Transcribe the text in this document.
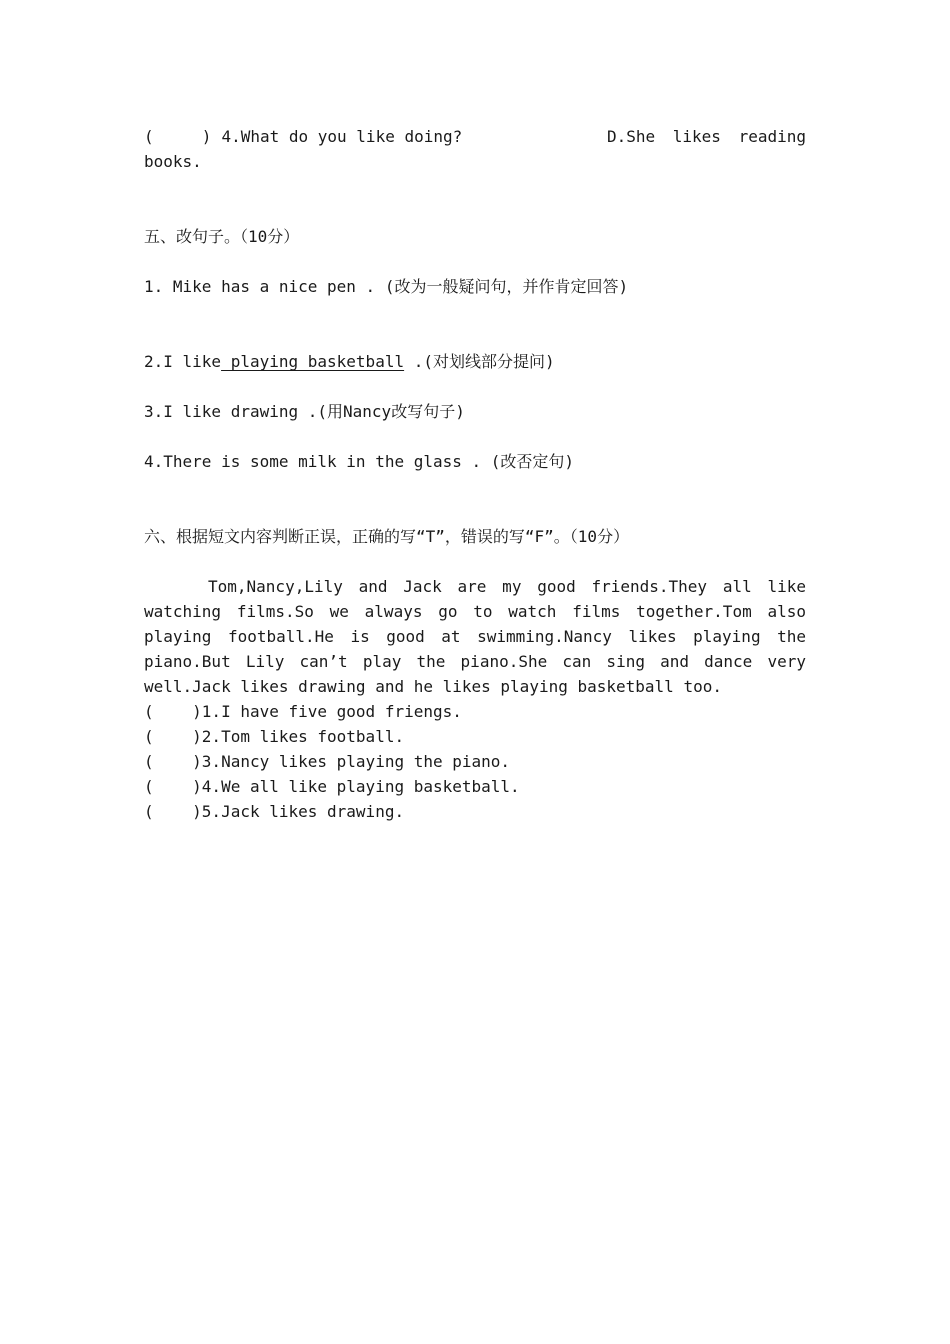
(     ) 4.What do you like doing?	D.She likes reading
books.

五、改句子。（10分）
1. Mike has a nice pen . (改为一般疑问句，并作肯定回答)

2.I like playing basketball .(对划线部分提问)

3.I like drawing .(用Nancy改写句子)

4.There is some milk in the glass . (改否定句)

六、根据短文内容判断正误，正确的写“T”，错误的写“F”。（10分）
Tom,Nancy,Lily and Jack are my good friends.They all like
watching films.So we always go to watch films together.Tom also
playing football.He is good at swimming.Nancy likes playing the
piano.But Lily can’t play the piano.She can sing and dance very
well.Jack likes drawing and he likes playing basketball too.
(    )1.I have five good friengs.
(    )2.Tom likes football.
(    )3.Nancy likes playing the piano.
(    )4.We all like playing basketball.
(    )5.Jack likes drawing.
